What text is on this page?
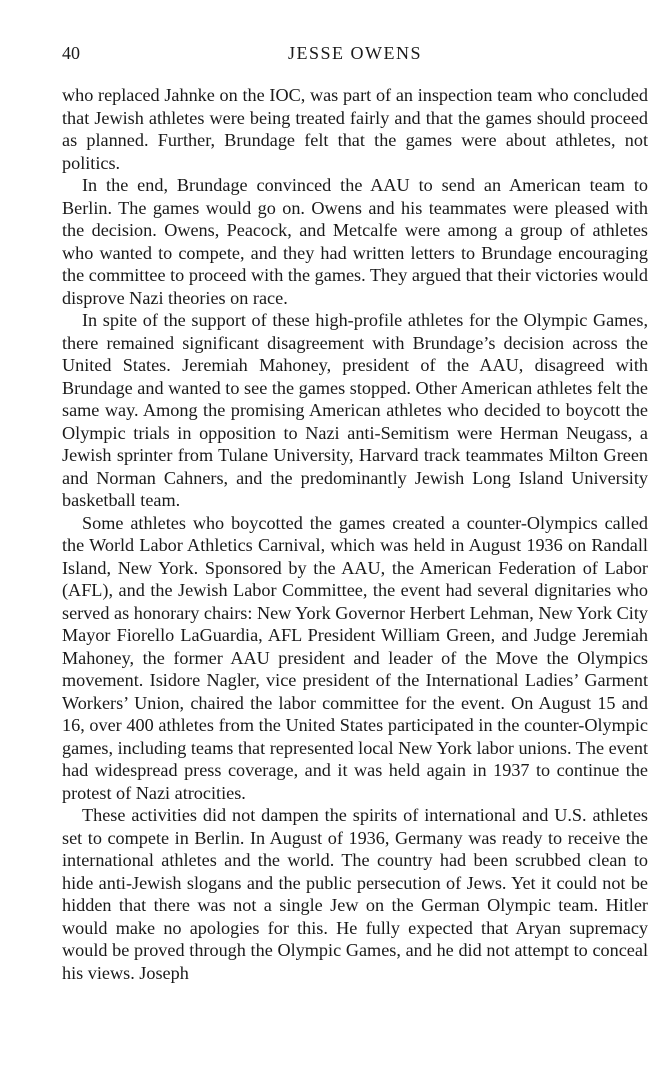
40	JESSE OWENS

who replaced Jahnke on the IOC, was part of an inspection team who concluded that Jewish athletes were being treated fairly and that the games should proceed as planned. Further, Brundage felt that the games were about athletes, not politics.

In the end, Brundage convinced the AAU to send an American team to Berlin. The games would go on. Owens and his teammates were pleased with the decision. Owens, Peacock, and Metcalfe were among a group of athletes who wanted to compete, and they had written letters to Brundage encouraging the committee to proceed with the games. They argued that their victories would disprove Nazi theories on race.

In spite of the support of these high-profile athletes for the Olympic Games, there remained significant disagreement with Brundage’s decision across the United States. Jeremiah Mahoney, president of the AAU, disagreed with Brundage and wanted to see the games stopped. Other American athletes felt the same way. Among the promising American athletes who decided to boycott the Olympic trials in opposition to Nazi anti-Semitism were Herman Neugass, a Jewish sprinter from Tulane University, Harvard track teammates Milton Green and Norman Cahners, and the predominantly Jewish Long Island University basketball team.

Some athletes who boycotted the games created a counter-Olympics called the World Labor Athletics Carnival, which was held in August 1936 on Randall Island, New York. Sponsored by the AAU, the American Federation of Labor (AFL), and the Jewish Labor Committee, the event had several dignitaries who served as honorary chairs: New York Governor Herbert Lehman, New York City Mayor Fiorello LaGuardia, AFL President William Green, and Judge Jeremiah Mahoney, the former AAU president and leader of the Move the Olympics movement. Isidore Nagler, vice president of the International Ladies’ Garment Workers’ Union, chaired the labor committee for the event. On August 15 and 16, over 400 athletes from the United States participated in the counter-Olympic games, including teams that represented local New York labor unions. The event had widespread press coverage, and it was held again in 1937 to continue the protest of Nazi atrocities.

These activities did not dampen the spirits of international and U.S. athletes set to compete in Berlin. In August of 1936, Germany was ready to receive the international athletes and the world. The country had been scrubbed clean to hide anti-Jewish slogans and the public persecution of Jews. Yet it could not be hidden that there was not a single Jew on the German Olympic team. Hitler would make no apologies for this. He fully expected that Aryan supremacy would be proved through the Olympic Games, and he did not attempt to conceal his views. Joseph
